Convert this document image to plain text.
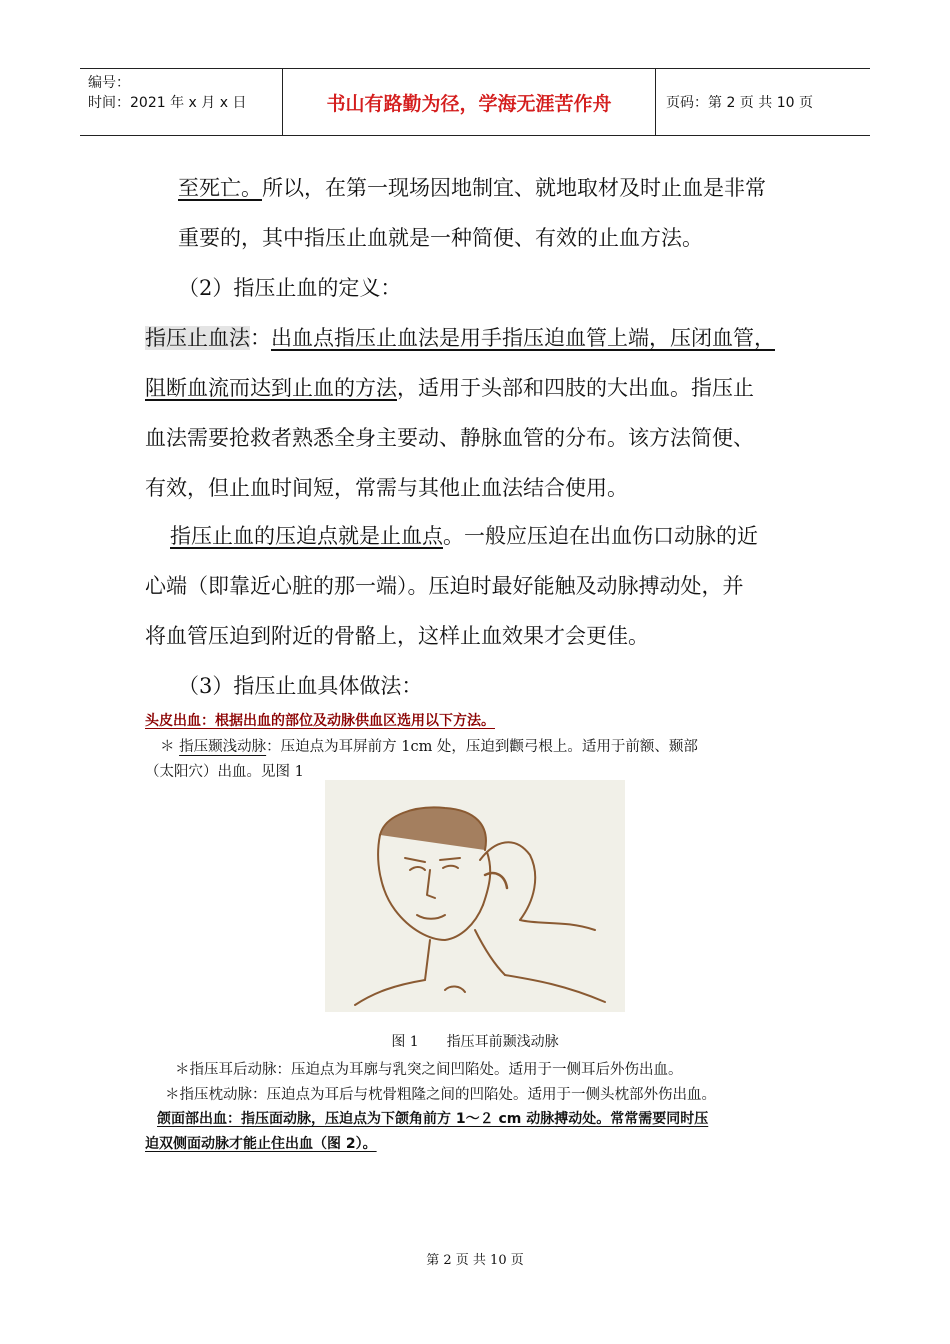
编号：
时间：2021 年 x 月 x 日	书山有路勤为径，学海无涯苦作舟	页码：第 2 页 共 10 页
至死亡。所以，在第一现场因地制宜、就地取材及时止血是非常
重要的，其中指压止血就是一种简便、有效的止血方法。
（2）指压止血的定义：
指压止血法：出血点指压止血法是用手指压迫血管上端，压闭血管，
阻断血流而达到止血的方法，适用于头部和四肢的大出血。指压止
血法需要抢救者熟悉全身主要动、静脉血管的分布。该方法简便、
有效，但止血时间短，常需与其他止血法结合使用。
指压止血的压迫点就是止血点。一般应压迫在出血伤口动脉的近
心端（即靠近心脏的那一端）。压迫时最好能触及动脉搏动处，并
将血管压迫到附近的骨骼上，这样止血效果才会更佳。
（3）指压止血具体做法：
头皮出血：根据出血的部位及动脉供血区选用以下方法。
＊ 指压颞浅动脉：压迫点为耳屏前方 1cm 处，压迫到颧弓根上。适用于前额、颞部
（太阳穴）出血。见图 1
图 1　　指压耳前颞浅动脉
＊指压耳后动脉：压迫点为耳廓与乳突之间凹陷处。适用于一侧耳后外伤出血。
＊指压枕动脉：压迫点为耳后与枕骨粗隆之间的凹陷处。适用于一侧头枕部外伤出血。
颌面部出血：指压面动脉，压迫点为下颌角前方 1～２ cm 动脉搏动处。常常需要同时压
迫双侧面动脉才能止住出血（图 2）。
第 2 页 共 10 页
